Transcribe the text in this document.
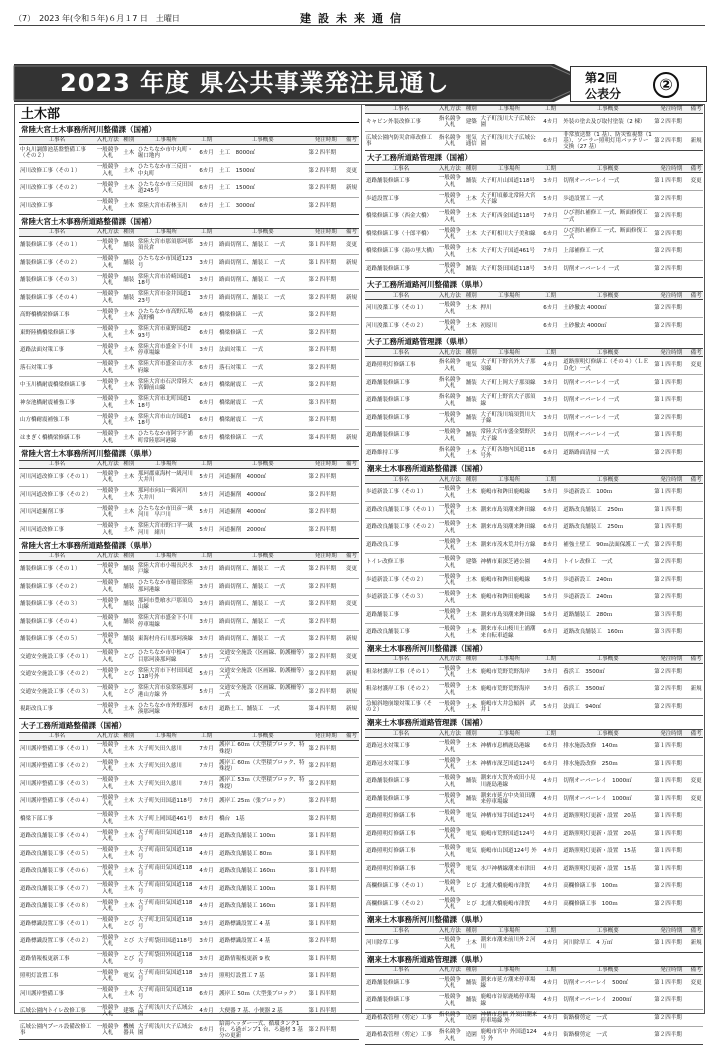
（7）　2023 年(令和５年)６月１7 日　土曜日	建設未来通信
2023 年度 県公共事業発注見通し	第2回
公表分	②
土木部
常陸大宮土木事務所河川整備課（国補）
工事名	入札方法	種別	工事場所	工期	工事概要	発注時期	備考
中丸川調節池基盤整備工事（その２）	一般競争入札	土木	ひたちなか市中丸町・堀口地内	6カ月	土工　8000㎥	第２四半期	
河川改修工事（その１）	一般競争入札	土木	ひたちなか市三反田・中丸町	6カ月	土工　1500㎥	第２四半期	変更
河川改修工事（その２）	一般競争入札	土木	ひたちなか市三反田国道245号	6カ月	土工　1500㎥	第２四半期	新規
河川改修工事	一般競争入札	土木	常陸大宮市若林玉川	6カ月	土工　3000㎥	第２四半期	
常陸大宮土木事務所道路整備課（国補）
工事名	入札方法	種別	工事場所	工期	工事概要	発注時期	備考
舗装修繕工事（その１）	一般競争入札	舗装	常陸大宮市那須那珂那須長倉	3カ月	路面切削工、舗装工　一式	第１四半期	変更
舗装修繕工事（その２）	一般競争入札	舗装	ひたちなか市国道123号	3カ月	路面切削工、舗装工　一式	第１四半期	新規
舗装修繕工事（その３）	一般競争入札	舗装	常陸大宮市岩崎国道118号	3カ月	路面切削工、舗装工　一式	第２四半期	
舗装修繕工事（その４）	一般競争入札	舗装	常陸大宮市金井国道123号	3カ月	路面切削工、舗装工　一式	第２四半期	新規
高野橋橋梁修繕工事	一般競争入札	土木	ひたちなか市高野広場高野橋	6カ月	橋梁修繕工　一式	第２四半期	
東野陸橋橋梁修繕工事	一般競争入札	土木	常陸大宮市東野国道293号	6カ月	橋梁修繕工　一式	第２四半期	
道路法面対策工事	一般競争入札	土木	常陸大宮市盛金下小川停車場線	3カ月	法面対策工　一式	第２四半期	
落石対策工事	一般競争入札	土木	常陸大宮市盛金山方水府線	6カ月	落石対策工　一式	第２四半期	
中玉川橋耐震橋梁修繕工事	一般競争入札	土木	常陸大宮市石沢常陸大宮御前山線	6カ月	橋梁耐震工　一式	第２四半期	
神奈池橋耐震補強工事	一般競争入札	土木	常陸大宮市北町国道118号	6カ月	橋梁耐震工　一式	第３四半期	
山方橋耐震補強工事	一般競争入札	土木	常陸大宮市山方国道118号	6カ月	橋梁耐震工　一式	第２四半期	
はまぎく橋橋梁修繕工事	一般競争入札	土木	ひたちなか市阿字ケ浦町常陸那珂港線	6カ月	橋梁修繕工　一式	第４四半期	新規
常陸大宮土木事務所河川整備課（県単）
工事名	入札方法	種別	工事場所	工期	工事概要	発注時期	備考
河川河道改修工事（その１）	一般競争入札	土木	那珂郡東海村一級河川　大井川	5カ月	河道掘削　4000㎥	第２四半期	
河川河道改修工事（その２）	一般競争入札	土木	那珂市向山一級河川　大井川	5カ月	河道掘削　4000㎥	第２四半期	
河川河道掘削工事	一般競争入札	土木	ひたちなか市田彦一級河川　早戸川	5カ月	河道掘削　4000㎥	第２四半期	
河川河道改修工事	一般競争入札	土木	常陸大宮市野口平一級河川　緒川	5カ月	河道掘削　2000㎥	第２四半期	
常陸大宮土木事務所道路整備課（県単）
工事名	入札方法	種別	工事場所	工期	工事概要	発注時期	備考
舗装修繕工事（その１）	一般競争入札	舗装	常陸大宮市小場長沢水戸線	3カ月	路面切削工、舗装工　一式	第２四半期	変更
舗装修繕工事（その２）	一般競争入札	舗装	ひたちなか市稲田常陸那珂港線	3カ月	路面切削工、舗装工　一式	第２四半期	
舗装修繕工事（その３）	一般競争入札	舗装	那珂市豊喰水戸那須烏山線	3カ月	路面切削工、舗装工　一式	第２四半期	変更
舗装修繕工事（その４）	一般競争入札	舗装	常陸大宮市盛金下小川停車場線	3カ月	路面切削工、舗装工　一式	第２四半期	
舗装修繕工事（その５）	一般競争入札	舗装	東海村舟石川那珂湊線	3カ月	路面切削工、舗装工　一式	第２四半期	新規
交通安全施設工事（その１）	一般競争入札	とび	ひたちなか市中根4丁目那珂湊那珂線	5カ月	交通安全施設（区画線、防護柵等）一式	第２四半期	変更
交通安全施設工事（その２）	一般競争入札	とび	常陸大宮市下村田国道118号外	5カ月	交通安全施設（区画線、防護柵等）一式	第２四半期	新規
交通安全施設工事（その３）	一般競争入札	とび	常陸大宮市泉常陸那珂港山方線 外	5カ月	交通安全施設（区画線、防護柵等）一式	第２四半期	新規
視距改良工事	一般競争入札	土木	ひたちなか市外野那珂湊那珂線	6カ月	道路土工、舗装工　一式	第４四半期	新規
大子工務所道路整備課（国補）
工事名	入札方法	種別	工事場所	工期	工事概要	発注時期	備考
河川護岸整備工事（その１）	一般競争入札	土木	大子町矢田久慈川	7カ月	護岸工 60ｍ（大型積ブロック、特殊提）	第２四半期	
河川護岸整備工事（その２）	一般競争入札	土木	大子町矢田久慈川	7カ月	護岸工 60ｍ（大型積ブロック、特殊提）	第２四半期	
河川護岸整備工事（その３）	一般競争入札	土木	大子町矢田久慈川	7カ月	護岸工 53ｍ（大型積ブロック、特殊提）	第２四半期	
河川護岸整備工事（その４）	一般競争入札	土木	大子町矢田国道118号	7カ月	護岸工 25ｍ（張ブロック）	第２四半期	
橋梁下部工事	一般競争入札	土木	大子町上岡国道461号	8カ月	橋台　1基	第２四半期	
道路改良舗装工事（その４）	一般競争入札	土木	大子町南田気国道118号	4カ月	道路改良舗装工 100ｍ	第１四半期	
道路改良舗装工事（その５）	一般競争入札	土木	大子町南田気国道118号	4カ月	道路改良舗装工 80ｍ	第１四半期	
道路改良舗装工事（その６）	一般競争入札	土木	大子町南田気国道118号	4カ月	道路改良舗装工 160ｍ	第１四半期	
道路改良舗装工事（その７）	一般競争入札	土木	大子町南田気国道118号	4カ月	道路改良舗装工 100ｍ	第１四半期	
道路改良舗装工事（その８）	一般競争入札	土木	大子町南田気国道118号	4カ月	道路改良舗装工 160ｍ	第１四半期	
道路標識設置工事（その１）	一般競争入札	とび	大子町北田気国道118号	3カ月	道路標識設置工 4 基	第１四半期	
道路標識設置工事（その２）	一般競争入札	とび	大子町袋田国道118号	3カ月	道路標識設置工 4 基	第２四半期	
道路情報板更新工事	一般競争入札	とび	大子町袋田外国道118号	3カ月	道路情報板更新 9 枚	第１四半期	
照明灯設置工事	一般競争入札	電気	大子町南田気国道118号	3カ月	照明灯設置工 7 基	第１四半期	
河川護岸整備工事	一般競争入札	土木	大子町南田気国道118号	6カ月	護岸工 50ｍ（大型張ブロック）	第１四半期	
広域公園内トイレ改修工事	一般競争入札	建築	大子町浅川大子広域公園	4カ月	大便器 7 基、小便器 2 基	第１四半期	
広域公園内プール設備改修工事	一般競争入札	機械器具	大子町浅川大子広域公園	6カ月	給湯ヘッダー一式、循環タンク1 台、ろ過ポンプ1 台、ろ過材 3 基分の更新	第２四半期	
工事名	入札方法	種別	工事場所	工期	工事概要	発注時期	備考
キャビン外装改修工事	指名競争入札	建築	大子町浅川大子広域公園	4カ月	外装の塗去及び取付塗装（2 棟）	第２四半期	
広域公園内防災倉庫改修工事	指名競争入札	電気通信	大子町浅川大子広域公園	6カ月	非常放送盤（1 基）、防災監視盤（1 基）、ソーラー照明灯用バッテリー交換（27 基）	第２四半期	新規
大子工務所道路管理課（国補）
工事名	入札方法	種別	工事場所	工期	工事概要	発注時期	備考
道路舗装修繕工事	一般競争入札	舗装	大子町川山国道118号	3カ月	切削オーバーレイ 一式	第１四半期	変更
歩道設置工事	一般競争入札	土木	大子町頃藤北常陸大宮大子線	5カ月	歩道設置工 一式	第２四半期	
橋梁修繕工事（西金大橋）	一般競争入札	土木	大子町西金国道118号	7カ月	ひび割れ補修工 一式、断面修復工 一式	第２四半期	
橋梁修繕工事（十郎平橋）	一般競争入札	土木	大子町相川大子美和線	6カ月	ひび割れ補修工 一式、断面修復工 一式	第２四半期	
橋梁修繕工事（湯の里大橋）	一般競争入札	土木	大子町大子国道461号	7カ月	上部補修工 一式	第２四半期	
道路舗装修繕工事	一般競争入札	舗装	大子町袋田国道118号	3カ月	切削オーバーレイ 一式	第２四半期	
大子工務所道路河川整備課（県単）
工事名	入札方法	種別	工事場所	工期	工事概要	発注時期	備考
河川浚渫工事（その１）	一般競争入札	土木	押川	6カ月	土砂撤去 4000㎥	第２四半期	
河川浚渫工事（その２）	一般競争入札	土木	初原川	6カ月	土砂撤去 4000㎥	第２四半期	
大子工務所道路管理課（県単）
工事名	入札方法	種別	工事場所	工期	工事概要	発注時期	備考
道路照明灯修繕工事	指名競争入札	電気	大子町下野宮外大子那須線	4カ月	道路照明灯修繕工（その４）（ＬＥＤ化）一式	第１四半期	変更
道路舗装修繕工事	指名競争入札	舗装	大子町上岡大子那須線	3カ月	切削オーバーレイ 一式	第１四半期	
道路舗装修繕工事	指名競争入札	舗装	大子町上野宮大子那須線	3カ月	切削オーバーレイ 一式	第１四半期	
道路舗装修繕工事	一般競争入札	舗装	大子町浅川塙須賀川大子線	3カ月	切削オーバーレイ 一式	第２四半期	
道路舗装修繕工事	一般競争入札	舗装	常陸大宮市盛金梨野沢大子線	3カ月	切削オーバーレイ 一式	第１四半期	
道路維持工事	指名競争入札	土木	大子町各地内国道118号外	6カ月	道路路面清掃 一式	第２四半期	
潮来土木事務所道路整備課（国補）
工事名	入札方法	種別	工事場所	工期	工事概要	発注時期	備考
歩道新設工事（その１）	一般競争入札	土木	鹿嶋市和鉾田鹿嶋線	5カ月	歩道新設工　100ｍ	第１四半期	
道路改良舗装工事（その１）	一般競争入札	土木	潮来市島須潮来鉾田線	6カ月	道路改良舗装工　250ｍ	第１四半期	
道路改良舗装工事（その２）	一般競争入札	土木	潮来市島須潮来鉾田線	6カ月	道路改良舗装工　250ｍ	第１四半期	
道路改良工事	一般競争入札	土木	潮来市茂木荒井行方線	8カ月	補強土壁工　90ｍ法面保護工 一式	第２四半期	
トイレ改修工事	一般競争入札	建築	神栖市東深芝港公園	4カ月	トイレ改修工　一式	第２四半期	
歩道新設工事（その２）	一般競争入札	土木	鹿嶋市和鉾田鹿嶋線	5カ月	歩道新設工　240ｍ	第２四半期	
歩道新設工事（その３）	一般競争入札	土木	鹿嶋市和鉾田鹿嶋線	5カ月	歩道新設工　240ｍ	第２四半期	
道路舗装工事	一般競争入札	土木	潮来市島須潮来鉾田線	5カ月	道路舗装工　280ｍ	第３四半期	
道路改良舗装工事	一般競争入札	土木	潮来市永山桜川土浦潮来自転車道線	6カ月	道路改良舗装工　160ｍ	第３四半期	
潮来土木事務所河川整備課（国補）
工事名	入札方法	種別	工事場所	工期	工事概要	発注時期	備考
粗朶材護岸工事（その１）	一般競争入札	土木	鹿嶋市荒野荒野海岸	3カ月	養浜工　3500㎥	第２四半期	
粗朶材護岸工事（その２）	一般競争入札	土木	鹿嶋市荒野荒野海岸	3カ月	養浜工　3500㎥	第２四半期	新規
急傾斜地崩壊対策工事（その２）	一般競争入札	土木	鹿嶋市大井急傾斜　武井１	5カ月	法面工　940㎥	第２四半期	
潮来土木事務所道路管理課（国補）
工事名	入札方法	種別	工事場所	工期	工事概要	発注時期	備考
道路冠水対策工事	一般競争入札	土木	神栖市息栖鹿島港線	6カ月	排水施設改修　140ｍ	第１四半期	
道路冠水対策工事	一般競争入札	土木	神栖市深芝国道124号	6カ月	排水施設改修　250ｍ	第１四半期	
道路舗装修繕工事	一般競争入札	舗装	潮来市大賀外成田小見川鹿島港線	4カ月	切削オーバーレイ　1000㎡	第１四半期	変更
道路舗装修繕工事	一般競争入札	舗装	潮来市延方中央須田潮来停車場線	4カ月	切削オーバーレイ　1000㎡	第１四半期	変更
道路照明灯修繕工事	一般競争入札	電気	神栖市知手国道124号	4カ月	道路照明灯更新・設置　20基	第１四半期	
道路照明灯修繕工事	一般競争入札	電気	鹿嶋市荒野国道124号	4カ月	道路照明灯更新・設置　20基	第１四半期	
道路照明灯修繕工事	一般競争入札	電気	鹿嶋市山国道124号 外	4カ月	道路照明灯更新・設置　15基	第１四半期	
道路照明灯修繕工事	一般競争入札	電気	水戸神栖線潮来市津田	4カ月	道路照明灯更新・設置　15基	第１四半期	
高欄修繕工事（その１）	一般競争入札	とび	北浦大橋鹿嶋市津賀	4カ月	高欄修繕工事　100ｍ	第２四半期	
高欄修繕工事（その２）	一般競争入札	とび	北浦大橋鹿嶋市津賀	4カ月	高欄修繕工事　100ｍ	第２四半期	
潮来土木事務所河川整備課（県単）
工事名	入札方法	種別	工事場所	工期	工事概要	発注時期	備考
河川除草工事	一般競争入札	土木	潮来市潮来前川外２河川	4カ月	河川除草工　4 万㎡	第１四半期	新規
潮来土木事務所道路管理課（県単）
工事名	入札方法	種別	工事場所	工期	工事概要	発注時期	備考
道路舗装修繕工事	一般競争入札	舗装	潮来市延方潮来停車場線	4カ月	切削オーバーレイ　500㎡	第１四半期	変更
道路舗装修繕工事	一般競争入札	舗装	鹿嶋市谷原鹿嶋停車場線	4カ月	切削オーバーレイ　2000㎡	第２四半期	
道路植栽管理（剪定）工事	指名競争入札	造園	神栖市息栖 外須田潮来停車場線 外	4カ月	街路樹剪定　一式	第２四半期	
道路植栽管理（剪定）工事	指名競争入札	造園	鹿嶋市宮中 外国道124号 外	4カ月	街路樹剪定　一式	第２四半期	
